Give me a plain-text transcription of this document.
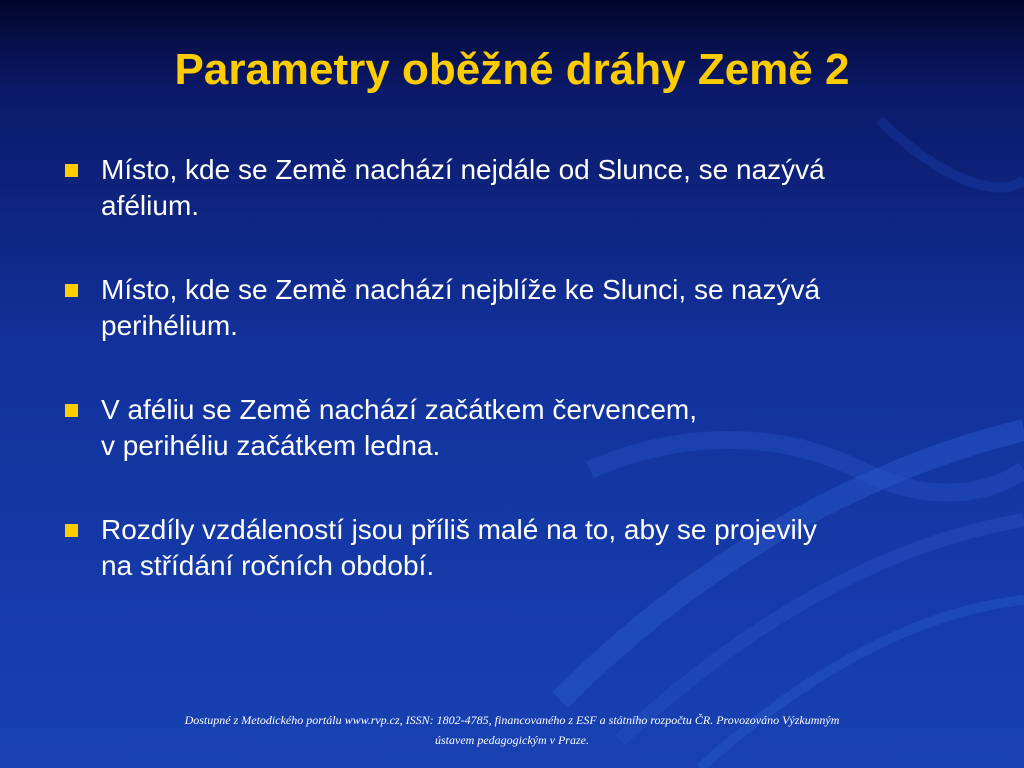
Parametry oběžné dráhy Země 2
Místo, kde se Země nachází nejdále od Slunce, se nazývá
afélium.
Místo, kde se Země nachází nejblíže ke Slunci, se nazývá
perihélium.
V aféliu se Země nachází začátkem červencem,
v perihéliu začátkem ledna.
Rozdíly vzdáleností jsou příliš malé na to, aby se projevily
na střídání ročních období.
Dostupné z Metodického portálu www.rvp.cz, ISSN: 1802-4785, financovaného z ESF a státního rozpočtu ČR. Provozováno Výzkumným
ústavem pedagogickým v Praze.
